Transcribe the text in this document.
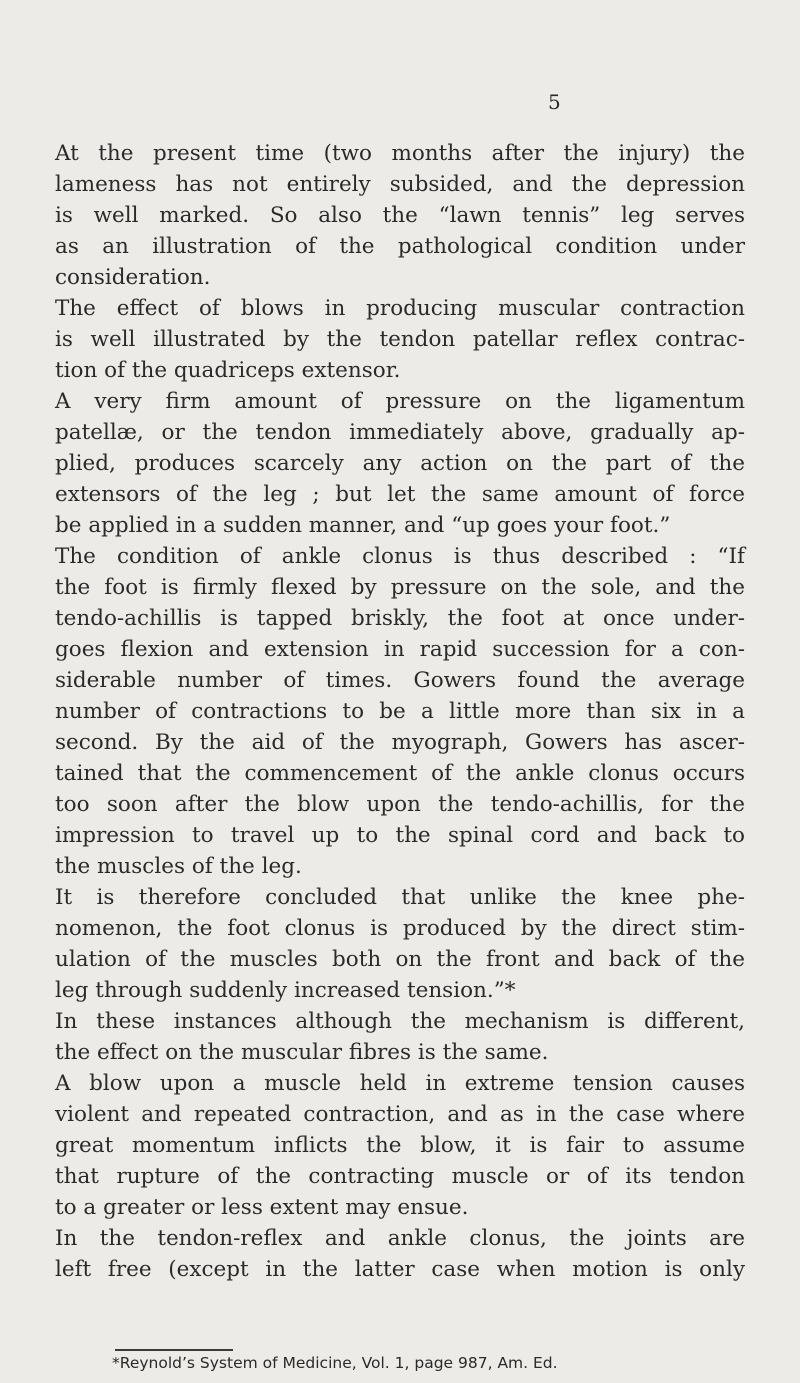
5
At the present time (two months after the injury) the
lameness has not entirely subsided, and the depression
is well marked. So also the “lawn tennis” leg serves
as an illustration of the pathological condition under
consideration.
The effect of blows in producing muscular contraction
is well illustrated by the tendon patellar reflex contrac-
tion of the quadriceps extensor.
A very firm amount of pressure on the ligamentum
patellæ, or the tendon immediately above, gradually ap-
plied, produces scarcely any action on the part of the
extensors of the leg ; but let the same amount of force
be applied in a sudden manner, and “up goes your foot.”
The condition of ankle clonus is thus described : “If
the foot is firmly flexed by pressure on the sole, and the
tendo-achillis is tapped briskly, the foot at once under-
goes flexion and extension in rapid succession for a con-
siderable number of times. Gowers found the average
number of contractions to be a little more than six in a
second. By the aid of the myograph, Gowers has ascer-
tained that the commencement of the ankle clonus occurs
too soon after the blow upon the tendo-achillis, for the
impression to travel up to the spinal cord and back to
the muscles of the leg.
It is therefore concluded that unlike the knee phe-
nomenon, the foot clonus is produced by the direct stim-
ulation of the muscles both on the front and back of the
leg through suddenly increased tension.”*
In these instances although the mechanism is different,
the effect on the muscular fibres is the same.
A blow upon a muscle held in extreme tension causes
violent and repeated contraction, and as in the case where
great momentum inflicts the blow, it is fair to assume
that rupture of the contracting muscle or of its tendon
to a greater or less extent may ensue.
In the tendon-reflex and ankle clonus, the joints are
left free (except in the latter case when motion is only
*Reynold’s System of Medicine, Vol. 1, page 987, Am. Ed.
